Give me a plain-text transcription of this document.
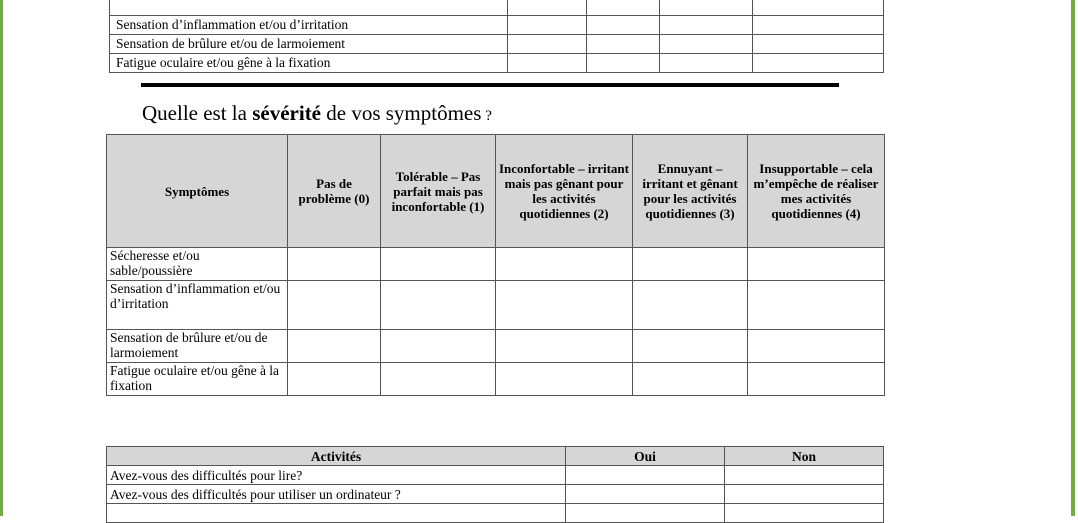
Sensation d’inflammation et/ou d’irritation				
Sensation de brûlure et/ou de larmoiement				
Fatigue oculaire et/ou gêne à la fixation				
Quelle est la sévérité de vos symptômes ?
Symptômes	Pas de problème (0)	Tolérable – Pas parfait mais pas inconfortable (1)	Inconfortable – irritant mais pas gênant pour les activités quotidiennes (2)	Ennuyant – irritant et gênant pour les activités quotidiennes (3)	Insupportable – cela m’empêche de réaliser mes activités quotidiennes (4)
Sécheresse et/ou sable/poussière					
Sensation d’inflammation et/ou d’irritation					
Sensation de brûlure et/ou de larmoiement					
Fatigue oculaire et/ou gêne à la fixation					
Activités	Oui	Non
Avez-vous des difficultés pour lire?		
Avez-vous des difficultés pour utiliser un ordinateur ?		
